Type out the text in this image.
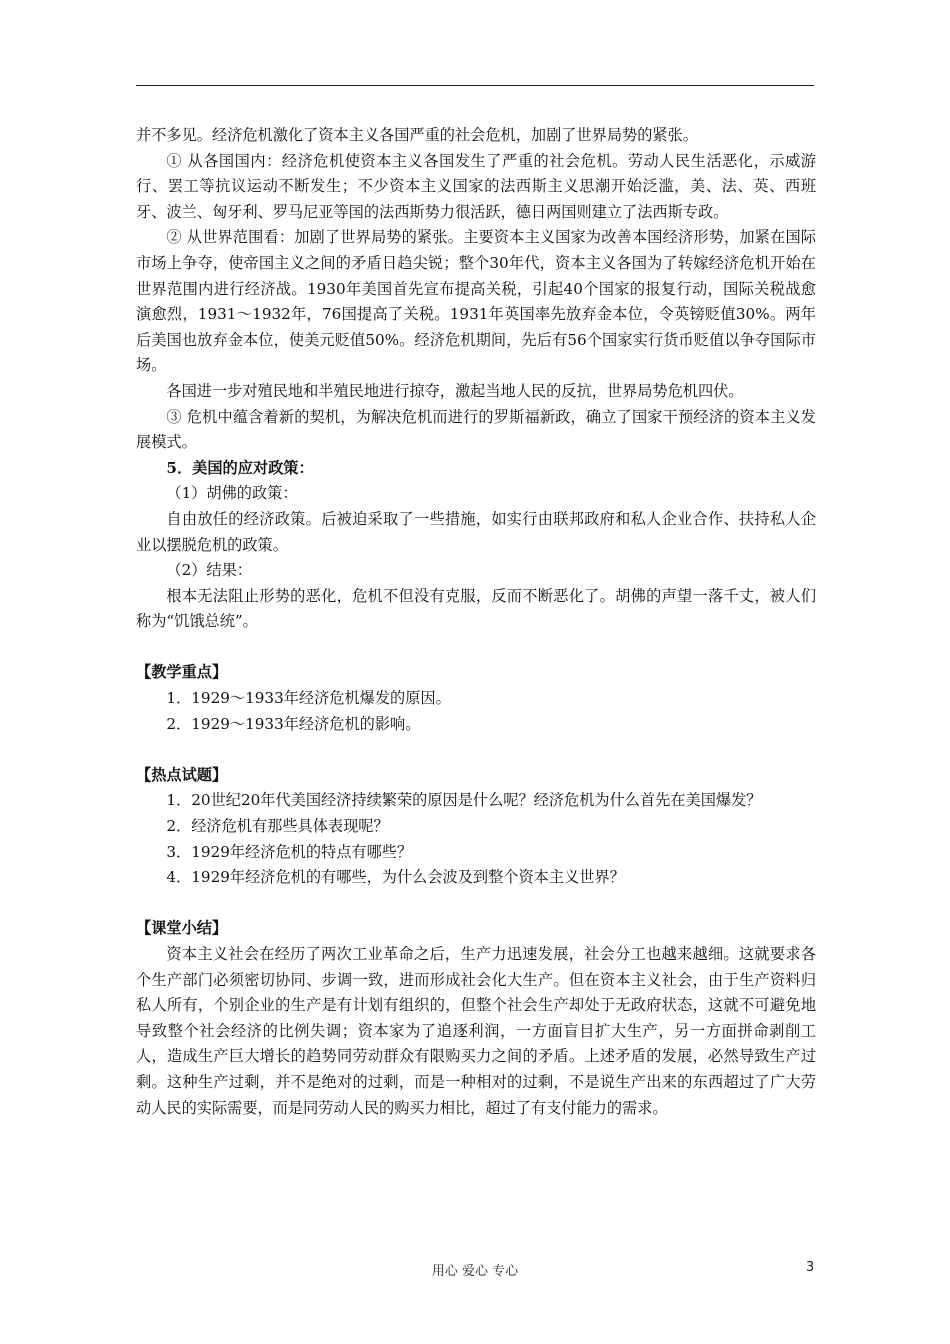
并不多见。经济危机激化了资本主义各国严重的社会危机，加剧了世界局势的紧张。

① 从各国国内：经济危机使资本主义各国发生了严重的社会危机。劳动人民生活恶化，示威游行、罢工等抗议运动不断发生；不少资本主义国家的法西斯主义思潮开始泛滥，美、法、英、西班牙、波兰、匈牙利、罗马尼亚等国的法西斯势力很活跃，德日两国则建立了法西斯专政。

② 从世界范围看：加剧了世界局势的紧张。主要资本主义国家为改善本国经济形势，加紧在国际市场上争夺，使帝国主义之间的矛盾日趋尖锐；整个30年代，资本主义各国为了转嫁经济危机开始在世界范围内进行经济战。1930年美国首先宣布提高关税，引起40个国家的报复行动，国际关税战愈演愈烈，1931～1932年，76国提高了关税。1931年英国率先放弃金本位，令英镑贬值30%。两年后美国也放弃金本位，使美元贬值50%。经济危机期间，先后有56个国家实行货币贬值以争夺国际市场。

各国进一步对殖民地和半殖民地进行掠夺，激起当地人民的反抗，世界局势危机四伏。

③ 危机中蕴含着新的契机，为解决危机而进行的罗斯福新政，确立了国家干预经济的资本主义发展模式。

5．美国的应对政策：

（1）胡佛的政策：

自由放任的经济政策。后被迫采取了一些措施，如实行由联邦政府和私人企业合作、扶持私人企业以摆脱危机的政策。

（2）结果：

根本无法阻止形势的恶化，危机不但没有克服，反而不断恶化了。胡佛的声望一落千丈，被人们称为“饥饿总统”。

【教学重点】

1．1929～1933年经济危机爆发的原因。

2．1929～1933年经济危机的影响。

【热点试题】

1．20世纪20年代美国经济持续繁荣的原因是什么呢？经济危机为什么首先在美国爆发？

2．经济危机有那些具体表现呢？

3．1929年经济危机的特点有哪些？

4．1929年经济危机的有哪些，为什么会波及到整个资本主义世界？

【课堂小结】

资本主义社会在经历了两次工业革命之后，生产力迅速发展，社会分工也越来越细。这就要求各个生产部门必须密切协同、步调一致，进而形成社会化大生产。但在资本主义社会，由于生产资料归私人所有，个别企业的生产是有计划有组织的，但整个社会生产却处于无政府状态，这就不可避免地导致整个社会经济的比例失调；资本家为了追逐利润，一方面盲目扩大生产，另一方面拼命剥削工人，造成生产巨大增长的趋势同劳动群众有限购买力之间的矛盾。上述矛盾的发展，必然导致生产过剩。这种生产过剩，并不是绝对的过剩，而是一种相对的过剩，不是说生产出来的东西超过了广大劳动人民的实际需要，而是同劳动人民的购买力相比，超过了有支付能力的需求。

用心 爱心 专心	3
